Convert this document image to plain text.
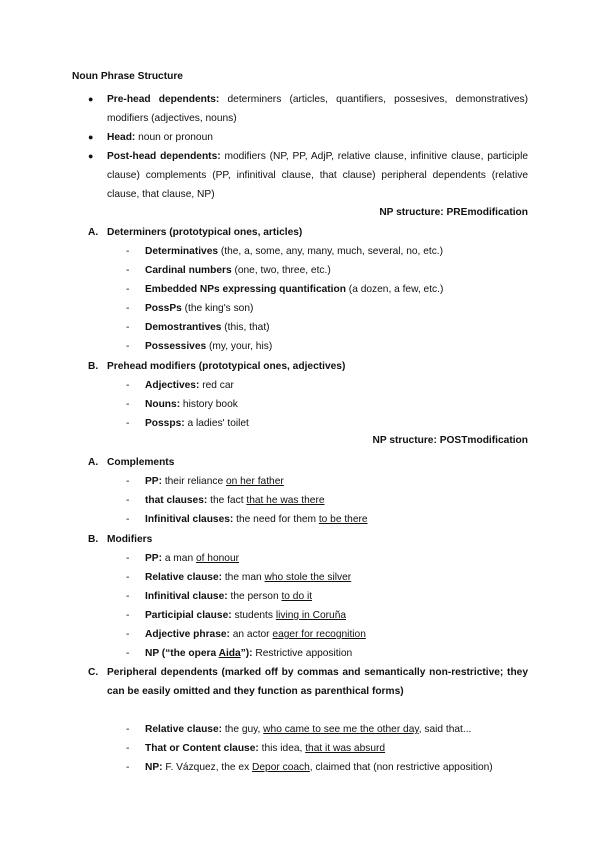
Noun Phrase Structure
● Pre-head dependents: determiners (articles, quantifiers, possesives, demonstratives) modifiers (adjectives, nouns)
● Head: noun or pronoun
● Post-head dependents: modifiers (NP, PP, AdjP, relative clause, infinitive clause, participle clause) complements (PP, infinitival clause, that clause) peripheral dependents (relative clause, that clause, NP)
NP structure: PREmodification
A. Determiners (prototypical ones, articles)
- Determinatives (the, a, some, any, many, much, several, no, etc.)
- Cardinal numbers (one, two, three, etc.)
- Embedded NPs expressing quantification (a dozen, a few, etc.)
- PossPs (the king's son)
- Demostrantives (this, that)
- Possessives (my, your, his)
B. Prehead modifiers (prototypical ones, adjectives)
- Adjectives: red car
- Nouns: history book
- Possps: a ladies' toilet
NP structure: POSTmodification
A. Complements
- PP: their reliance on her father
- that clauses: the fact that he was there
- Infinitival clauses: the need for them to be there
B. Modifiers
- PP: a man of honour
- Relative clause: the man who stole the silver
- Infinitival clause: the person to do it
- Participial clause: students living in Coruña
- Adjective phrase: an actor eager for recognition
- NP (“the opera Aida”): Restrictive apposition
C. Peripheral dependents (marked off by commas and semantically non-restrictive; they can be easily omitted and they function as parenthical forms)
- Relative clause: the guy, who came to see me the other day, said that...
- That or Content clause: this idea, that it was absurd
- NP: F. Vázquez, the ex Depor coach, claimed that (non restrictive apposition)
